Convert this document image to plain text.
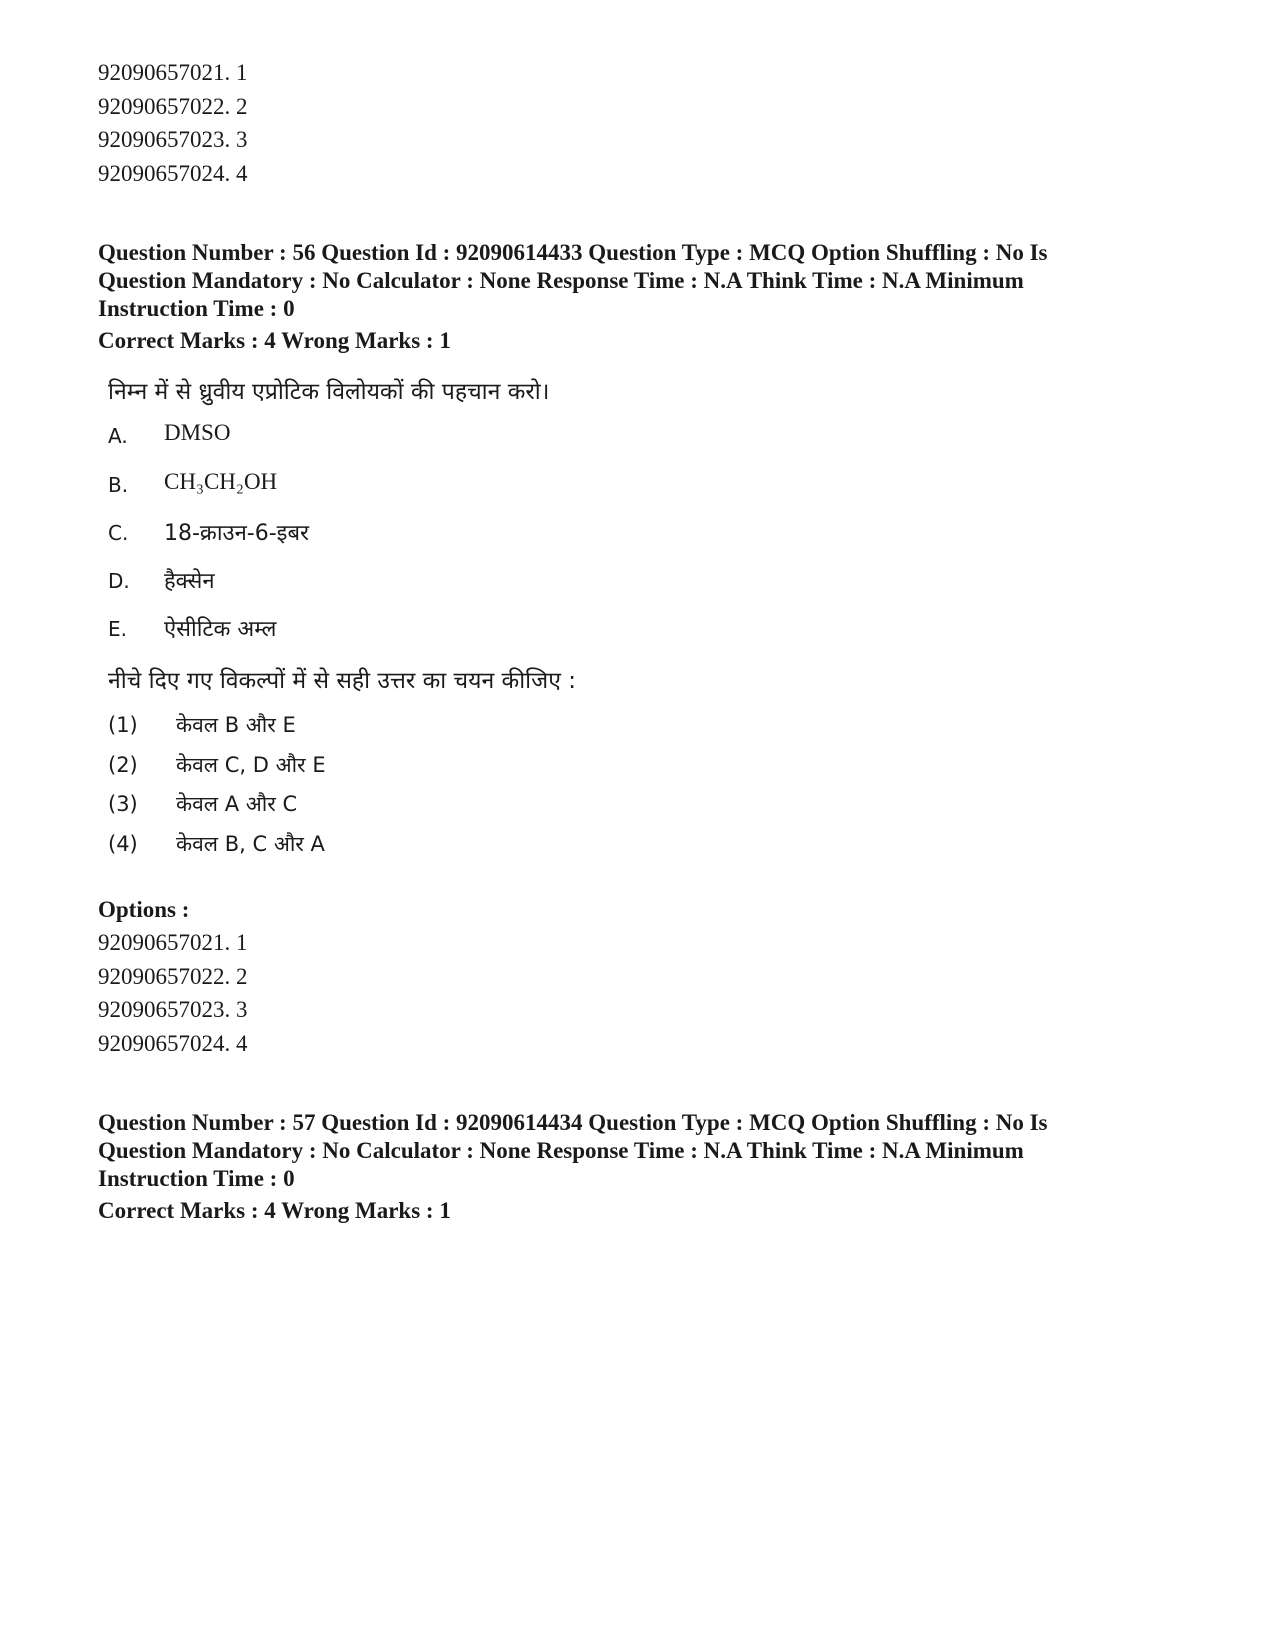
92090657021. 1
92090657022. 2
92090657023. 3
92090657024. 4
Question Number : 56 Question Id : 92090614433 Question Type : MCQ Option Shuffling : No Is
Question Mandatory : No Calculator : None Response Time : N.A Think Time : N.A Minimum
Instruction Time : 0
Correct Marks : 4 Wrong Marks : 1
निम्न में से ध्रुवीय एप्रोटिक विलोयकों की पहचान करो।
A. DMSO
B. CH₃CH₂OH
C. 18-क्राउन-6-इबर
D. हैक्सेन
E. ऐसीटिक अम्ल
नीचे दिए गए विकल्पों में से सही उत्तर का चयन कीजिए :
(1) केवल B और E
(2) केवल C, D और E
(3) केवल A और C
(4) केवल B, C और A
Options :
92090657021. 1
92090657022. 2
92090657023. 3
92090657024. 4
Question Number : 57 Question Id : 92090614434 Question Type : MCQ Option Shuffling : No Is
Question Mandatory : No Calculator : None Response Time : N.A Think Time : N.A Minimum
Instruction Time : 0
Correct Marks : 4 Wrong Marks : 1
